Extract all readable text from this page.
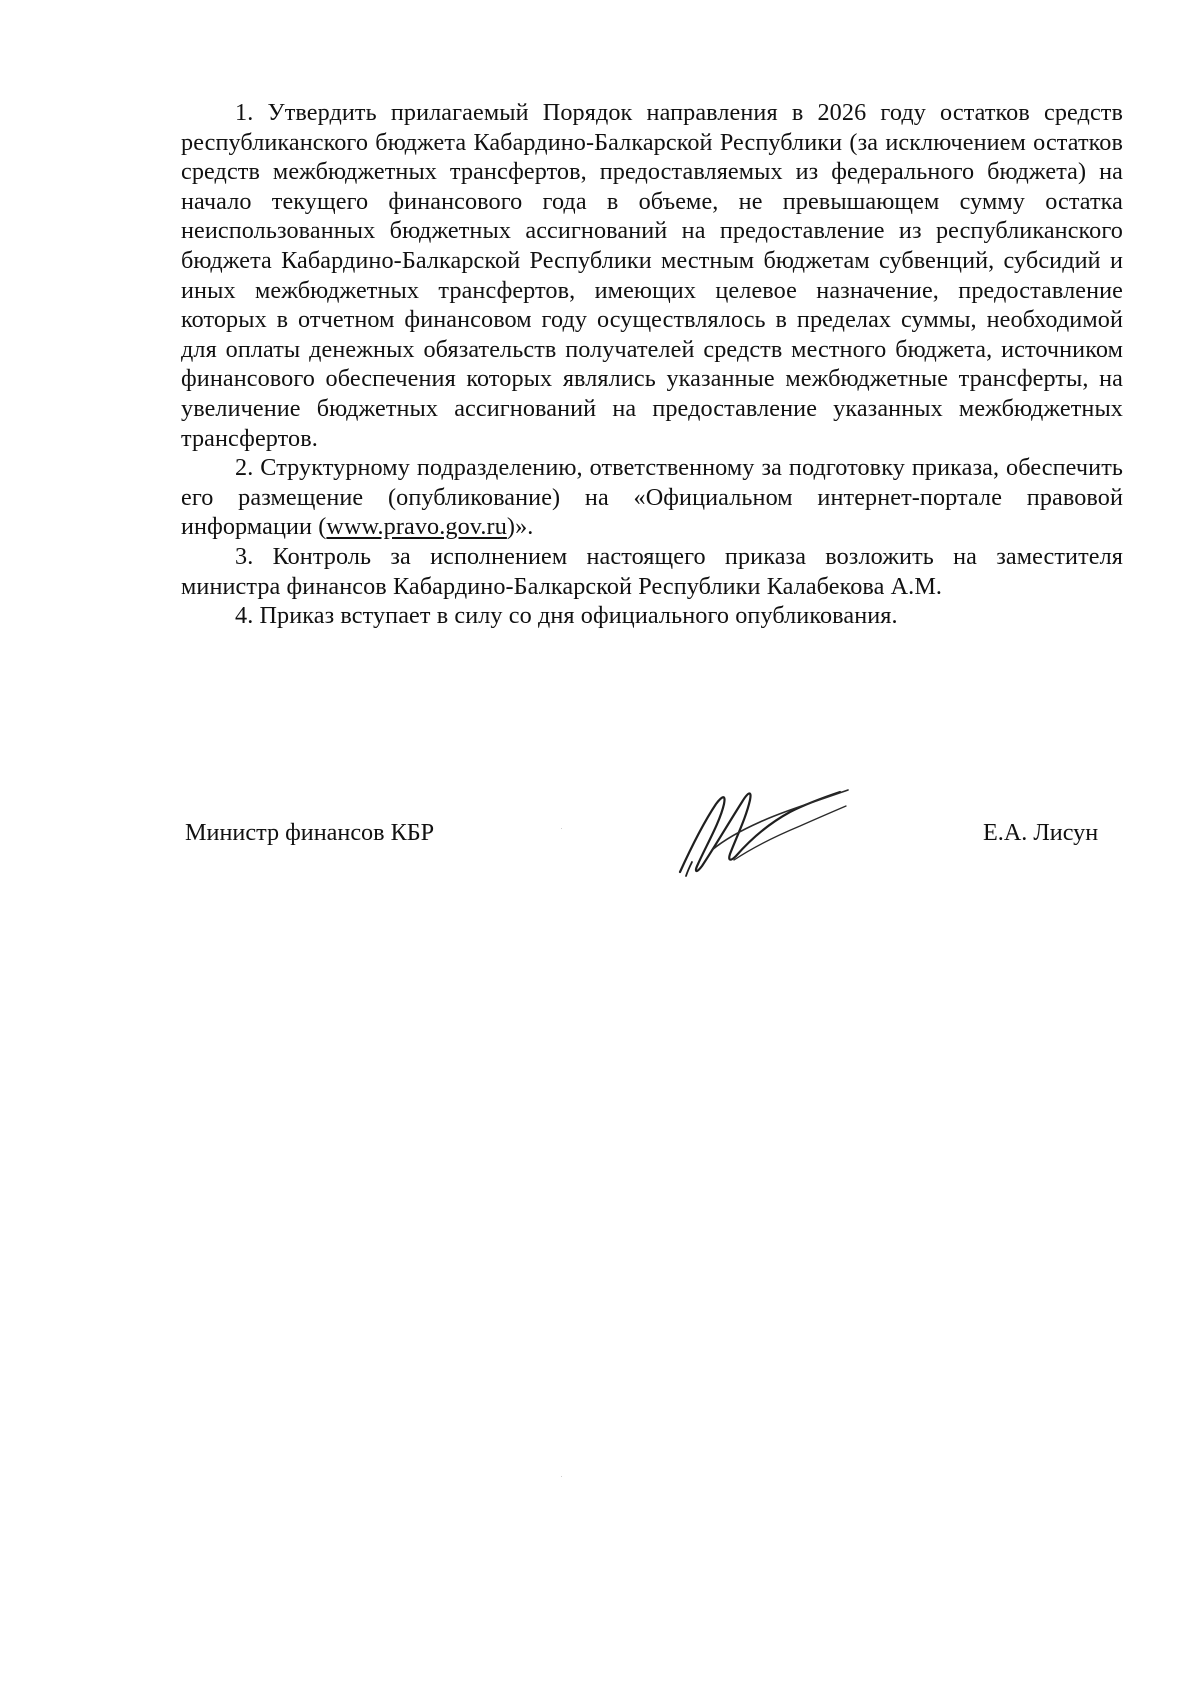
1. Утвердить прилагаемый Порядок направления в 2026 году остатков средств республиканского бюджета Кабардино-Балкарской Республики (за исключением остатков средств межбюджетных трансфертов, предоставляемых из федерального бюджета) на начало текущего финансового года в объеме, не превышающем сумму остатка неиспользованных бюджетных ассигнований на предоставление из республиканского бюджета Кабардино-Балкарской Республики местным бюджетам субвенций, субсидий и иных межбюджетных трансфертов, имеющих целевое назначение, предоставление которых в отчетном финансовом году осуществлялось в пределах суммы, необходимой для оплаты денежных обязательств получателей средств местного бюджета, источником финансового обеспечения которых являлись указанные межбюджетные трансферты, на увеличение бюджетных ассигнований на предоставление указанных межбюджетных трансфертов.

2. Структурному подразделению, ответственному за подготовку приказа, обеспечить его размещение (опубликование) на «Официальном интернет-портале правовой информации (www.pravo.gov.ru)».

3. Контроль за исполнением настоящего приказа возложить на заместителя министра финансов Кабардино-Балкарской Республики Калабекова А.М.

4. Приказ вступает в силу со дня официального опубликования.

Министр финансов КБР	Е.А. Лисун
